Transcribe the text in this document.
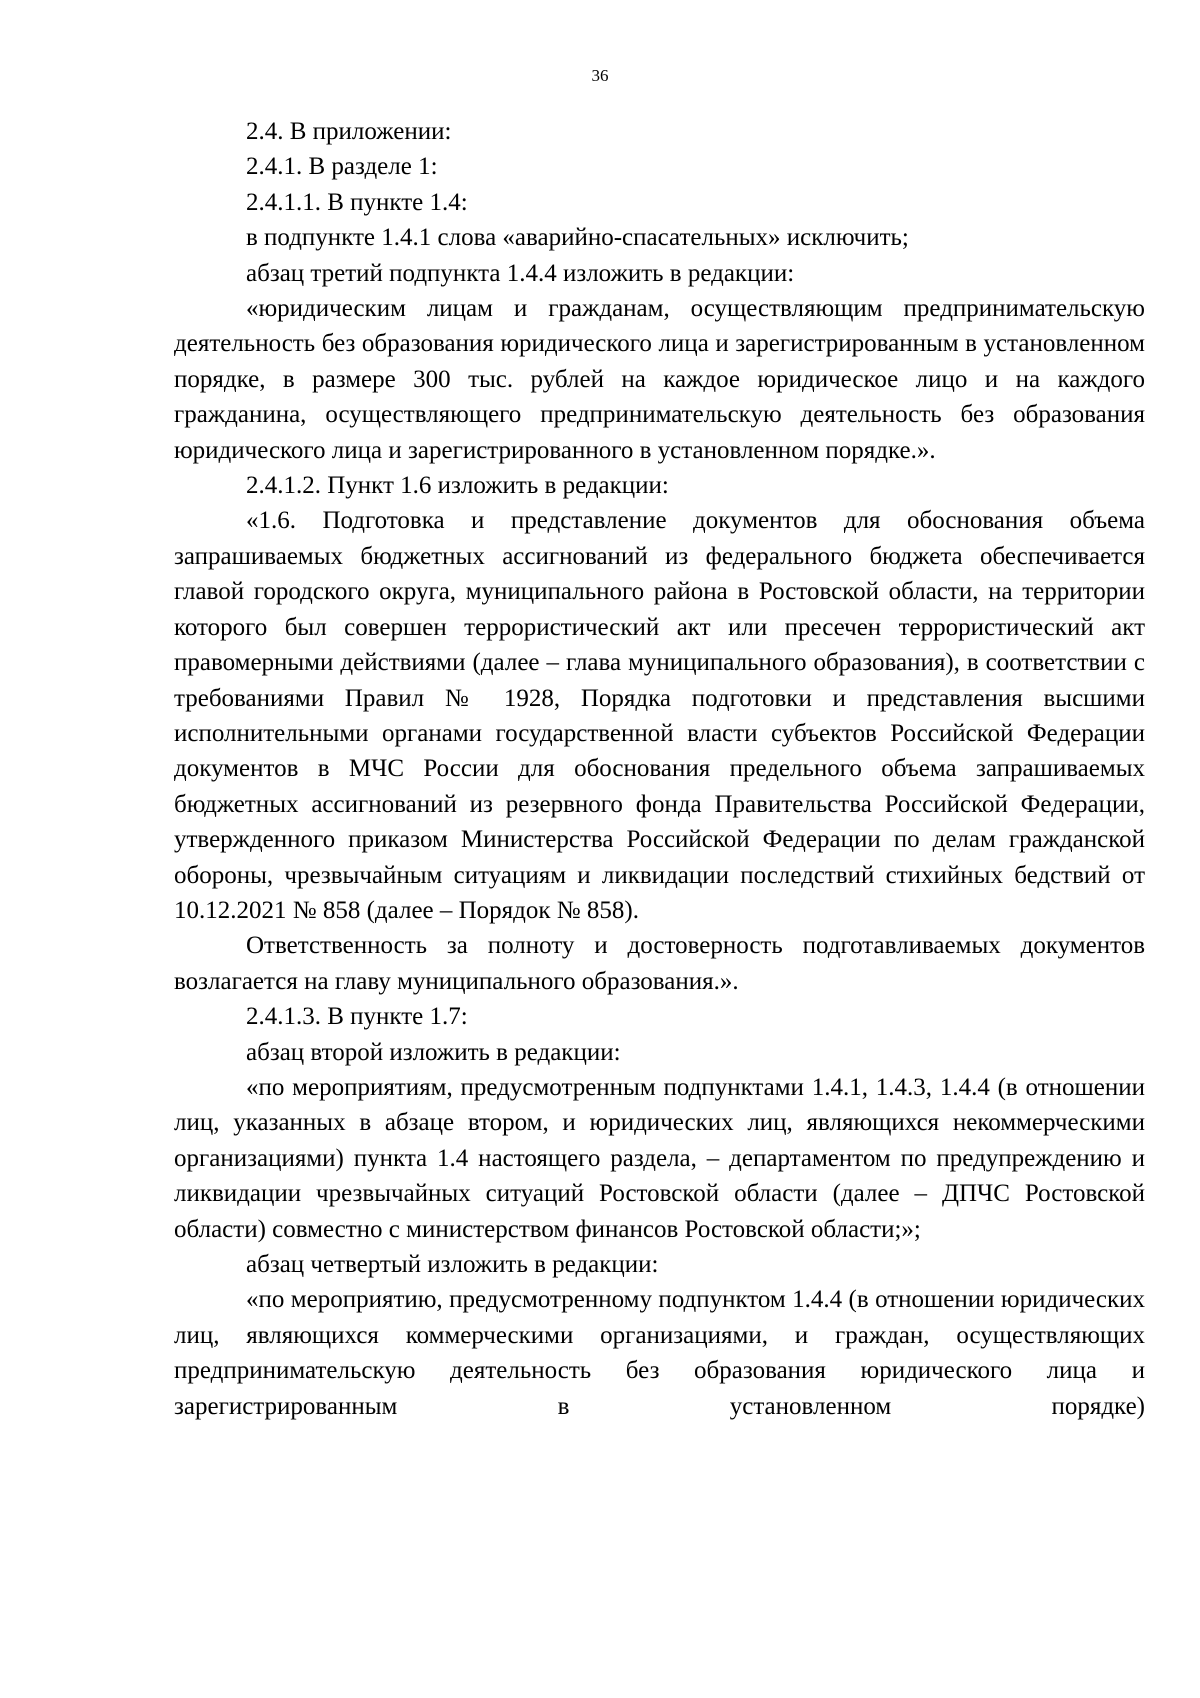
36

2.4. В приложении:

2.4.1. В разделе 1:

2.4.1.1. В пункте 1.4:

в подпункте 1.4.1 слова «аварийно-спасательных» исключить;

абзац третий подпункта 1.4.4 изложить в редакции:

«юридическим лицам и гражданам, осуществляющим предпринимательскую деятельность без образования юридического лица и зарегистрированным в установленном порядке, в размере 300 тыс. рублей на каждое юридическое лицо и на каждого гражданина, осуществляющего предпринимательскую деятельность без образования юридического лица и зарегистрированного в установленном порядке.».

2.4.1.2. Пункт 1.6 изложить в редакции:

«1.6. Подготовка и представление документов для обоснования объема запрашиваемых бюджетных ассигнований из федерального бюджета обеспечивается главой городского округа, муниципального района в Ростовской области, на территории которого был совершен террористический акт или пресечен террористический акт правомерными действиями (далее – глава муниципального образования), в соответствии с требованиями Правил № 1928, Порядка подготовки и представления высшими исполнительными органами государственной власти субъектов Российской Федерации документов в МЧС России для обоснования предельного объема запрашиваемых бюджетных ассигнований из резервного фонда Правительства Российской Федерации, утвержденного приказом Министерства Российской Федерации по делам гражданской обороны, чрезвычайным ситуациям и ликвидации последствий стихийных бедствий от 10.12.2021 № 858 (далее – Порядок № 858).

Ответственность за полноту и достоверность подготавливаемых документов возлагается на главу муниципального образования.».

2.4.1.3. В пункте 1.7:

абзац второй изложить в редакции:

«по мероприятиям, предусмотренным подпунктами 1.4.1, 1.4.3, 1.4.4 (в отношении лиц, указанных в абзаце втором, и юридических лиц, являющихся некоммерческими организациями) пункта 1.4 настоящего раздела, – департаментом по предупреждению и ликвидации чрезвычайных ситуаций Ростовской области (далее – ДПЧС Ростовской области) совместно с министерством финансов Ростовской области;»;

абзац четвертый изложить в редакции:

«по мероприятию, предусмотренному подпунктом 1.4.4 (в отношении юридических лиц, являющихся коммерческими организациями, и граждан, осуществляющих предпринимательскую деятельность без образования юридического лица и зарегистрированным в установленном порядке)
